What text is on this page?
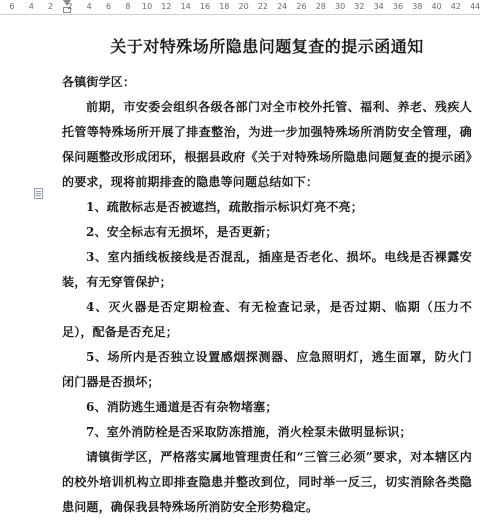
6 4 2 2 4 6 8 10 12 14 16 18 20 22 24 26 28 30 32 34 36 38 40 42 44
关于对特殊场所隐患问题复查的提示函通知

各镇街学区：

前期，市安委会组织各级各部门对全市校外托管、福利、养老、残疾人托管等特殊场所开展了排查整治，为进一步加强特殊场所消防安全管理，确保问题整改形成闭环，根据县政府《关于对特殊场所隐患问题复查的提示函》的要求，现将前期排查的隐患等问题总结如下：

1、疏散标志是否被遮挡，疏散指示标识灯亮不亮；

2、安全标志有无损坏，是否更新；

3、室内插线板接线是否混乱，插座是否老化、损坏。电线是否裸露安装，有无穿管保护；

4、灭火器是否定期检查、有无检查记录，是否过期、临期（压力不足），配备是否充足；

5、场所内是否独立设置感烟探测器、应急照明灯，逃生面罩，防火门闭门器是否损坏；

6、消防逃生通道是否有杂物堵塞；

7、室外消防栓是否采取防冻措施，消火栓泵未做明显标识；

请镇街学区，严格落实属地管理责任和“三管三必须”要求，对本辖区内的校外培训机构立即排查隐患并整改到位，同时举一反三，切实消除各类隐患问题，确保我县特殊场所消防安全形势稳定。
